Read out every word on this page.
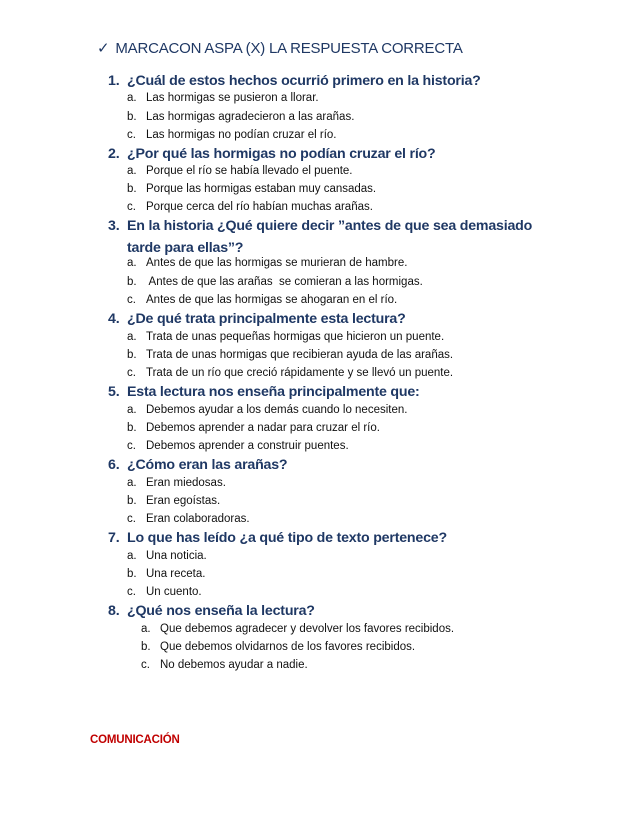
✓ MARCACON ASPA (X) LA RESPUESTA CORRECTA
1. ¿Cuál de estos hechos ocurrió primero en la historia?
a. Las hormigas se pusieron a llorar.
b. Las hormigas agradecieron a las arañas.
c. Las hormigas no podían cruzar el río.
2. ¿Por qué las hormigas no podían cruzar el río?
a. Porque el río se había llevado el puente.
b. Porque las hormigas estaban muy cansadas.
c. Porque cerca del río habían muchas arañas.
3. En la historia ¿Qué quiere decir ”antes de que sea demasiado tarde para ellas”?
a. Antes de que las hormigas se murieran de hambre.
b. Antes de que las arañas  se comieran a las hormigas.
c. Antes de que las hormigas se ahogaran en el río.
4. ¿De qué trata principalmente esta lectura?
a. Trata de unas pequeñas hormigas que hicieron un puente.
b. Trata de unas hormigas que recibieran ayuda de las arañas.
c. Trata de un río que creció rápidamente y se llevó un puente.
5. Esta lectura nos enseña principalmente que:
a. Debemos ayudar a los demás cuando lo necesiten.
b. Debemos aprender a nadar para cruzar el río.
c. Debemos aprender a construir puentes.
6. ¿Cómo eran las arañas?
a. Eran miedosas.
b. Eran egoístas.
c. Eran colaboradoras.
7. Lo que has leído ¿a qué tipo de texto pertenece?
a. Una noticia.
b. Una receta.
c. Un cuento.
8. ¿Qué nos enseña la lectura?
a. Que debemos agradecer y devolver los favores recibidos.
b. Que debemos olvidarnos de los favores recibidos.
c. No debemos ayudar a nadie.
COMUNICACIÓN
